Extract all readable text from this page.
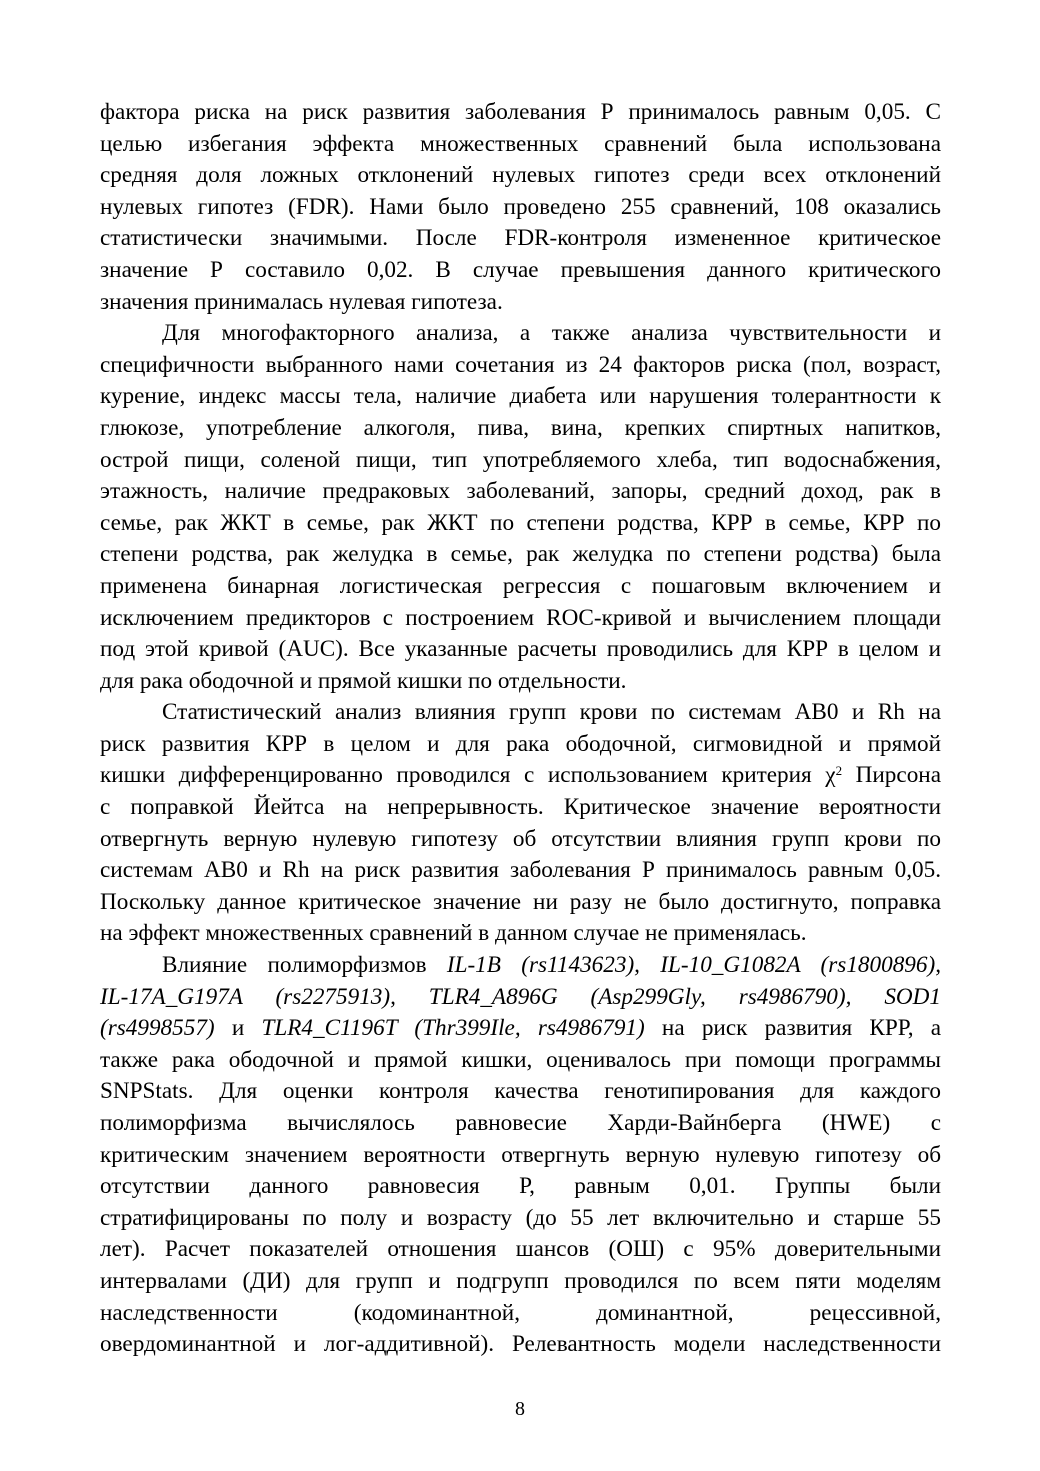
фактора риска на риск развития заболевания Р принималось равным 0,05. С
целью избегания эффекта множественных сравнений была использована
средняя доля ложных отклонений нулевых гипотез среди всех отклонений
нулевых гипотез (FDR). Нами было проведено 255 сравнений, 108 оказались
статистически значимыми. После FDR-контроля измененное критическое
значение Р составило 0,02. В случае превышения данного критического
значения принималась нулевая гипотеза.
Для многофакторного анализа, а также анализа чувствительности и
специфичности выбранного нами сочетания из 24 факторов риска (пол, возраст,
курение, индекс массы тела, наличие диабета или нарушения толерантности к
глюкозе, употребление алкоголя, пива, вина, крепких спиртных напитков,
острой пищи, соленой пищи, тип употребляемого хлеба, тип водоснабжения,
этажность, наличие предраковых заболеваний, запоры, средний доход, рак в
семье, рак ЖКТ в семье, рак ЖКТ по степени родства, КРР в семье, КРР по
степени родства, рак желудка в семье, рак желудка по степени родства) была
применена бинарная логистическая регрессия с пошаговым включением и
исключением предикторов с построением ROC-кривой и вычислением площади
под этой кривой (AUC). Все указанные расчеты проводились для КРР в целом и
для рака ободочной и прямой кишки по отдельности.
Статистический анализ влияния групп крови по системам AB0 и Rh на
риск развития КРР в целом и для рака ободочной, сигмовидной и прямой
кишки дифференцированно проводился с использованием критерия $\chi^2$ Пирсона
с поправкой Йейтса на непрерывность. Критическое значение вероятности
отвергнуть верную нулевую гипотезу об отсутствии влияния групп крови по
системам AB0 и Rh на риск развития заболевания Р принималось равным 0,05.
Поскольку данное критическое значение ни разу не было достигнуто, поправка
на эффект множественных сравнений в данном случае не применялась.
Влияние полиморфизмов IL-1B (rs1143623), IL-10_G1082A (rs1800896),
IL-17A_G197A (rs2275913), TLR4_A896G (Asp299Gly, rs4986790), SOD1
(rs4998557) и TLR4_C1196T (Thr399Ile, rs4986791) на риск развития КРР, а
также рака ободочной и прямой кишки, оценивалось при помощи программы
SNPStats. Для оценки контроля качества генотипирования для каждого
полиморфизма вычислялось равновесие Харди-Вайнберга (HWE) с
критическим значением вероятности отвергнуть верную нулевую гипотезу об
отсутствии данного равновесия Р, равным 0,01. Группы были
стратифицированы по полу и возрасту (до 55 лет включительно и старше 55
лет). Расчет показателей отношения шансов (ОШ) с 95% доверительными
интервалами (ДИ) для групп и подгрупп проводился по всем пяти моделям
наследственности (кодоминантной, доминантной, рецессивной,
овердоминантной и лог-аддитивной). Релевантность модели наследственности
8
